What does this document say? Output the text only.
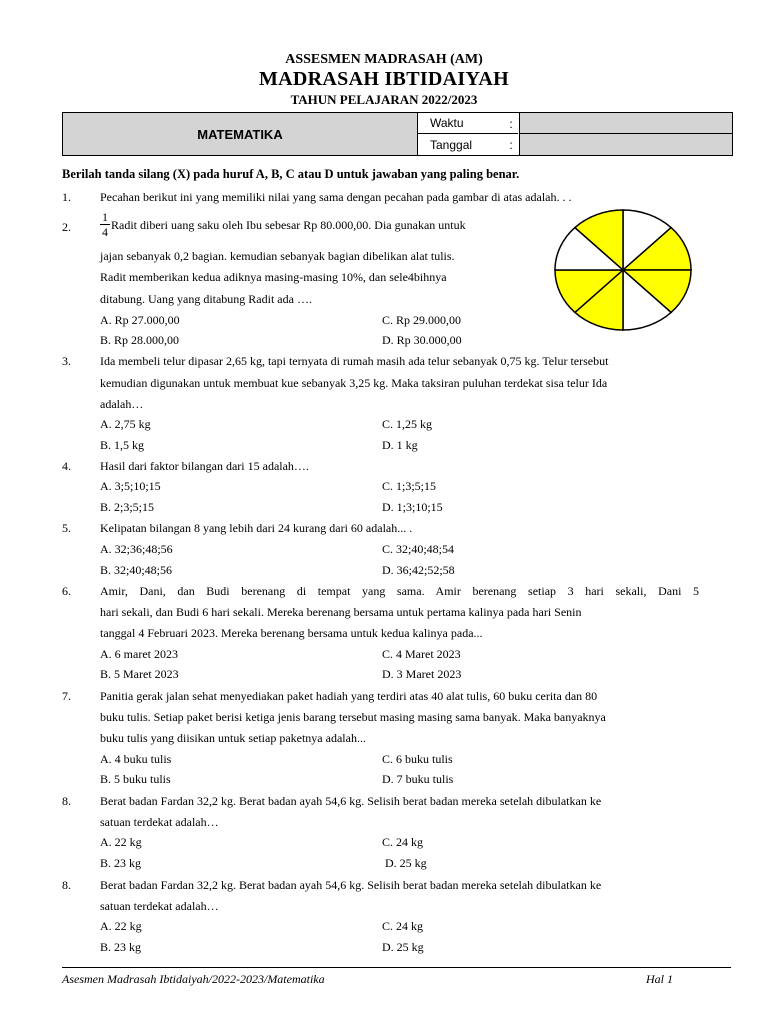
ASSESMEN MADRASAH (AM)
MADRASAH IBTIDAIYAH
TAHUN PELAJARAN 2022/2023
MATEMATIKA
Waktu	:
Tanggal	:
Berilah tanda silang (X) pada huruf A, B, C atau D untuk jawaban yang paling benar.
1. Pecahan berikut ini yang memiliki nilai yang sama dengan pecahan pada gambar di atas adalah. . .
2.
1
4 Radit diberi uang saku oleh Ibu sebesar Rp 80.000,00. Dia gunakan untuk
jajan sebanyak 0,2 bagian. kemudian sebanyak bagian dibelikan alat tulis.
Radit memberikan kedua adiknya masing-masing 10%, dan sele4bihnya
ditabung. Uang yang ditabung Radit ada ….
A. Rp 27.000,00	C. Rp 29.000,00
B. Rp 28.000,00	D. Rp 30.000,00
3. Ida membeli telur dipasar 2,65 kg, tapi ternyata di rumah masih ada telur sebanyak 0,75 kg. Telur tersebut
kemudian digunakan untuk membuat kue sebanyak 3,25 kg. Maka taksiran puluhan terdekat sisa telur Ida
adalah…
A. 2,75 kg	C. 1,25 kg
B. 1,5 kg	D. 1 kg
4. Hasil dari faktor bilangan dari 15 adalah….
A. 3;5;10;15	C. 1;3;5;15
B. 2;3;5;15	D. 1;3;10;15
5. Kelipatan bilangan 8 yang lebih dari 24 kurang dari 60 adalah... .
A. 32;36;48;56	C. 32;40;48;54
B. 32;40;48;56	D. 36;42;52;58
6. Amir, Dani, dan Budi berenang di tempat yang sama. Amir berenang setiap 3 hari sekali, Dani 5
hari sekali, dan Budi 6 hari sekali. Mereka berenang bersama untuk pertama kalinya pada hari Senin
tanggal 4 Februari 2023. Mereka berenang bersama untuk kedua kalinya pada...
A. 6 maret 2023	C. 4 Maret 2023
B. 5 Maret 2023	D. 3 Maret 2023
7. Panitia gerak jalan sehat menyediakan paket hadiah yang terdiri atas 40 alat tulis, 60 buku cerita dan 80
buku tulis. Setiap paket berisi ketiga jenis barang tersebut masing masing sama banyak. Maka banyaknya
buku tulis yang diisikan untuk setiap paketnya adalah...
A. 4 buku tulis	C. 6 buku tulis
B. 5 buku tulis	D. 7 buku tulis
8. Berat badan Fardan 32,2 kg. Berat badan ayah 54,6 kg. Selisih berat badan mereka setelah dibulatkan ke
satuan terdekat adalah…
A. 22 kg	C. 24 kg
B. 23 kg	D. 25 kg
8. Berat badan Fardan 32,2 kg. Berat badan ayah 54,6 kg. Selisih berat badan mereka setelah dibulatkan ke
satuan terdekat adalah…
A. 22 kg	C. 24 kg
B. 23 kg	D. 25 kg
Asesmen Madrasah Ibtidaiyah/2022-2023/Matematika	Hal 1
